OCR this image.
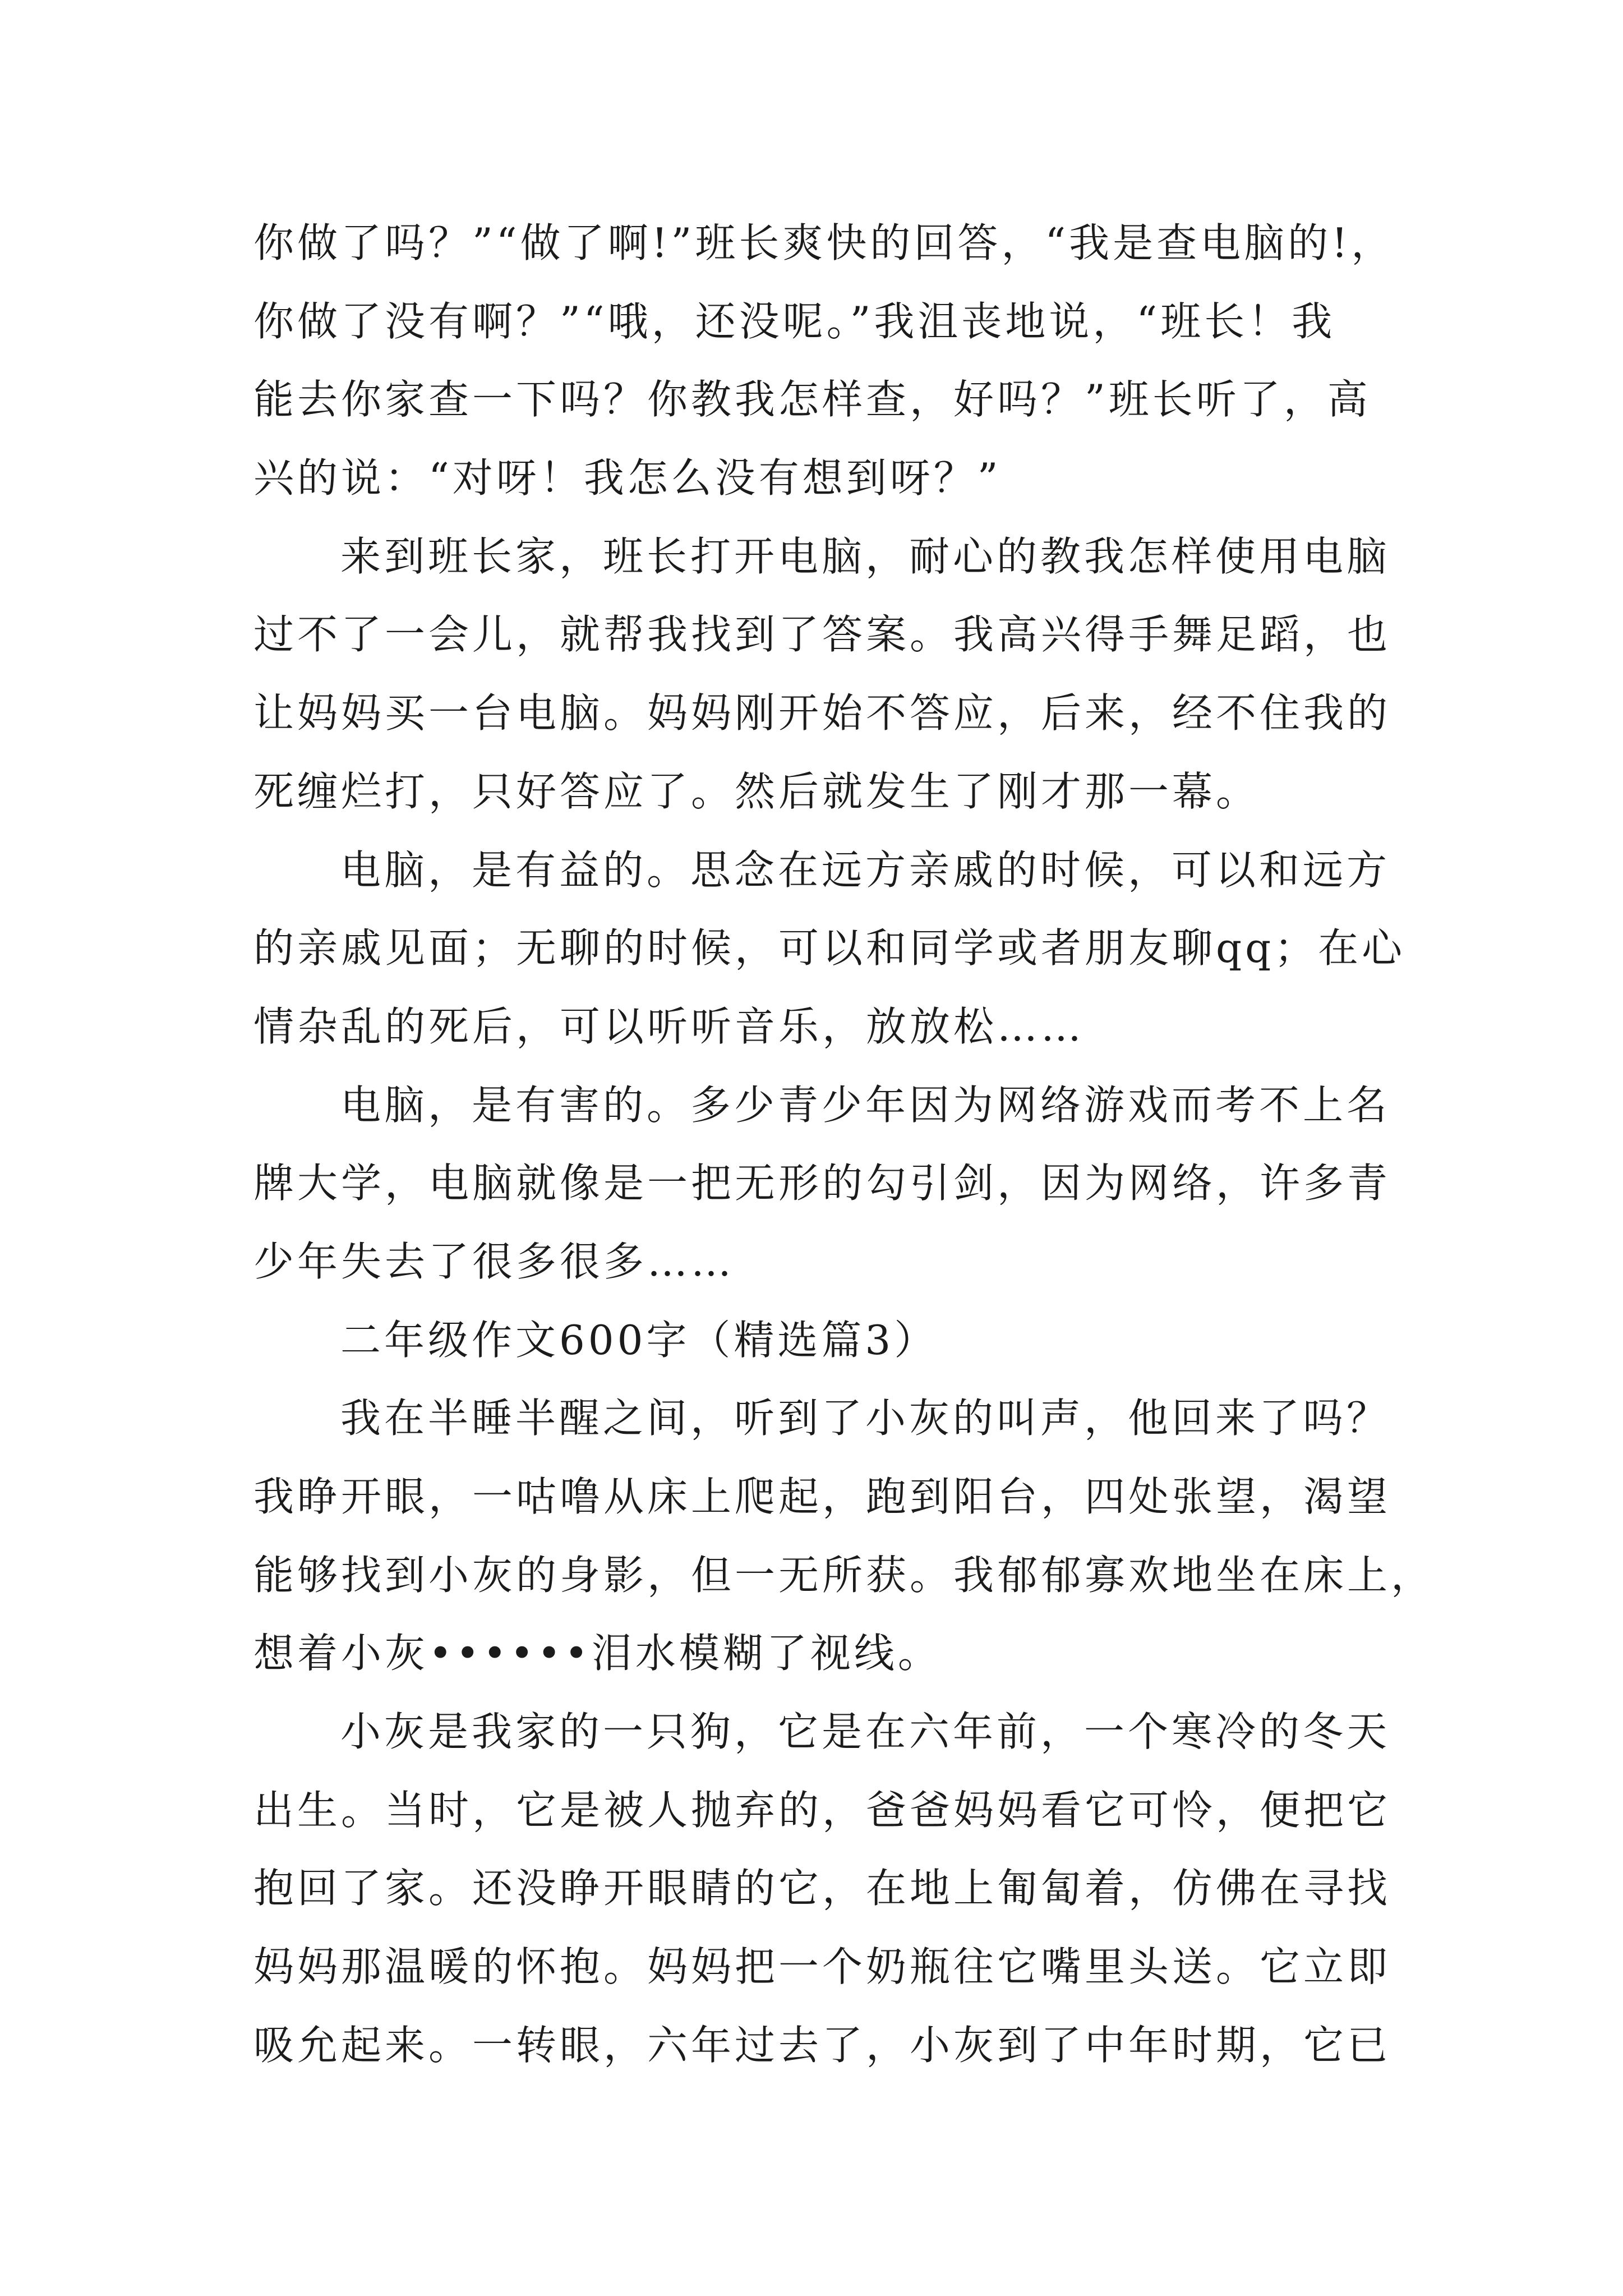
你做了吗？”“做了啊!”班长爽快的回答，“我是查电脑的!，
你做了没有啊？”“哦，还没呢。”我沮丧地说，“班长！我
能去你家查一下吗？你教我怎样查，好吗？”班长听了，高
兴的说：“对呀！我怎么没有想到呀？”
来到班长家，班长打开电脑，耐心的教我怎样使用电脑
过不了一会儿，就帮我找到了答案。我高兴得手舞足蹈，也
让妈妈买一台电脑。妈妈刚开始不答应，后来，经不住我的
死缠烂打，只好答应了。然后就发生了刚才那一幕。
电脑，是有益的。思念在远方亲戚的时候，可以和远方
的亲戚见面；无聊的时候，可以和同学或者朋友聊qq；在心
情杂乱的死后，可以听听音乐，放放松……
电脑，是有害的。多少青少年因为网络游戏而考不上名
牌大学，电脑就像是一把无形的勾引剑，因为网络，许多青
少年失去了很多很多……
二年级作文600字（精选篇3）
我在半睡半醒之间，听到了小灰的叫声，他回来了吗？
我睁开眼，一咕噜从床上爬起，跑到阳台，四处张望，渴望
能够找到小灰的身影，但一无所获。我郁郁寡欢地坐在床上，
想着小灰••••••泪水模糊了视线。
小灰是我家的一只狗，它是在六年前，一个寒冷的冬天
出生。当时，它是被人抛弃的，爸爸妈妈看它可怜，便把它
抱回了家。还没睁开眼睛的它，在地上匍匐着，仿佛在寻找
妈妈那温暖的怀抱。妈妈把一个奶瓶往它嘴里头送。它立即
吸允起来。一转眼，六年过去了，小灰到了中年时期，它已
